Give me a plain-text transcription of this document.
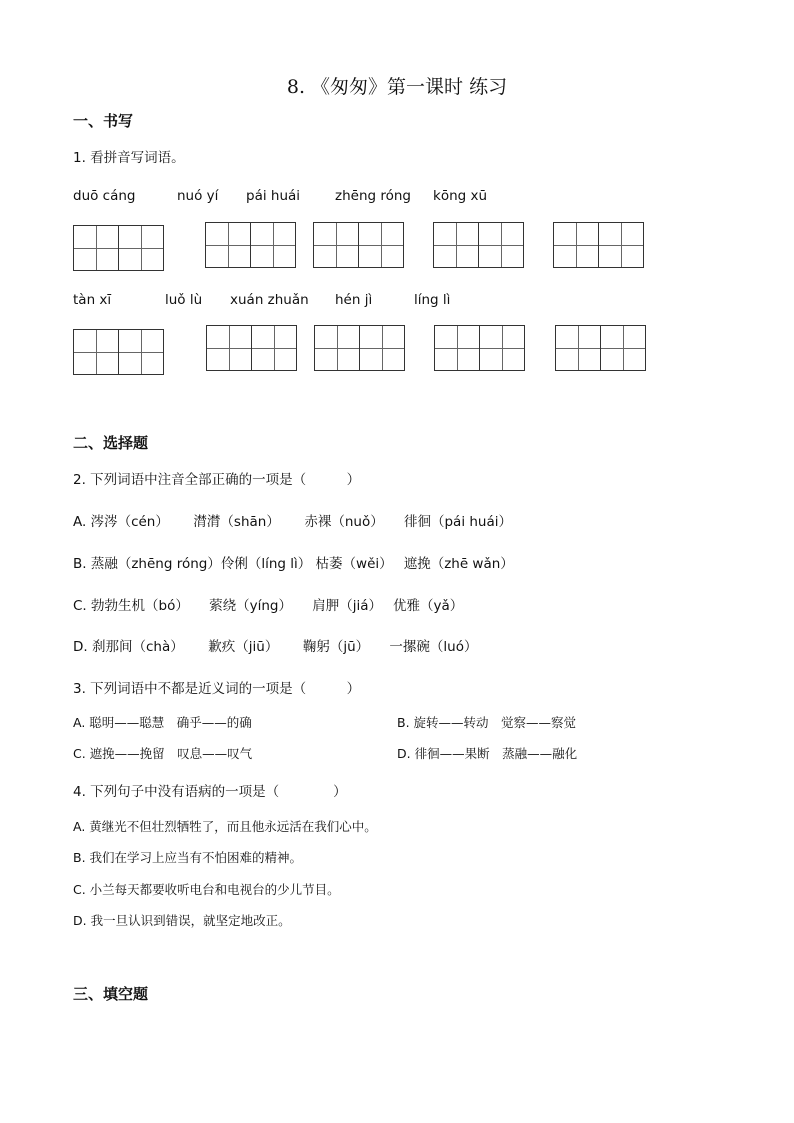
8. 《匆匆》第一课时 练习
一、书写
1. 看拼音写词语。
duō cáng	nuó yí pái huái	zhēng róng kōng xū
tàn xī	luǒ lù xuán zhuǎn hén jì	líng lì
二、选择题
2. 下列词语中注音全部正确的一项是（　　　）
A. 涔涔（cén）　　 潸潸（shān）　　 赤裸（nuǒ）　　徘徊（pái huái）
B. 蒸融（zhēng róng）伶俐（líng lì） 枯萎（wěi）　 遮挽（zhē wǎn）
C. 勃勃生机（bó）　　萦绕（yíng）　　肩胛（jiá）　 优雅（yǎ）
D. 刹那间（chà）　　 歉疚（jiū）　　 鞠躬（jū）　　一摞碗（luó）
3. 下列词语中不都是近义词的一项是（　　　）
A. 聪明——聪慧　确乎——的确	B. 旋转——转动　觉察——察觉
C. 遮挽——挽留　叹息——叹气	D. 徘徊——果断　蒸融——融化
4. 下列句子中没有语病的一项是（　　　　）
A. 黄继光不但壮烈牺牲了，而且他永远活在我们心中。
B. 我们在学习上应当有不怕困难的精神。
C. 小兰每天都要收听电台和电视台的少儿节目。
D. 我一旦认识到错误，就坚定地改正。
三、填空题
